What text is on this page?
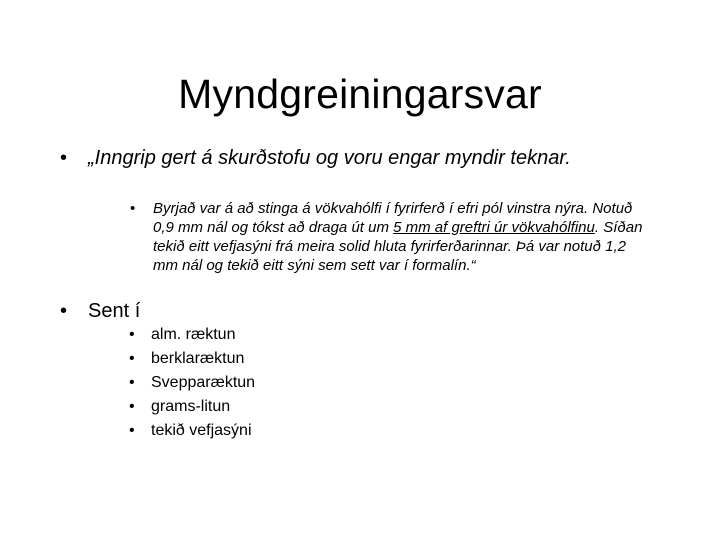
Myndgreiningarsvar
•	„Inngrip gert á skurðstofu og voru engar myndir teknar.
•	Byrjað var á að stinga á vökvahólfi í fyrirferð í efri pól vinstra nýra. Notuð 0,9 mm nál og tókst að draga út um 5 mm af greftri úr vökvahólfinu. Síðan tekið eitt vefjasýni frá meira solid hluta fyrirferðarinnar. Þá var notuð 1,2 mm nál og tekið eitt sýni sem sett var í formalín.“
•	Sent í
•	alm. ræktun
•	berklaræktun
•	Svepparæktun
•	grams-litun
•	tekið vefjasýni
